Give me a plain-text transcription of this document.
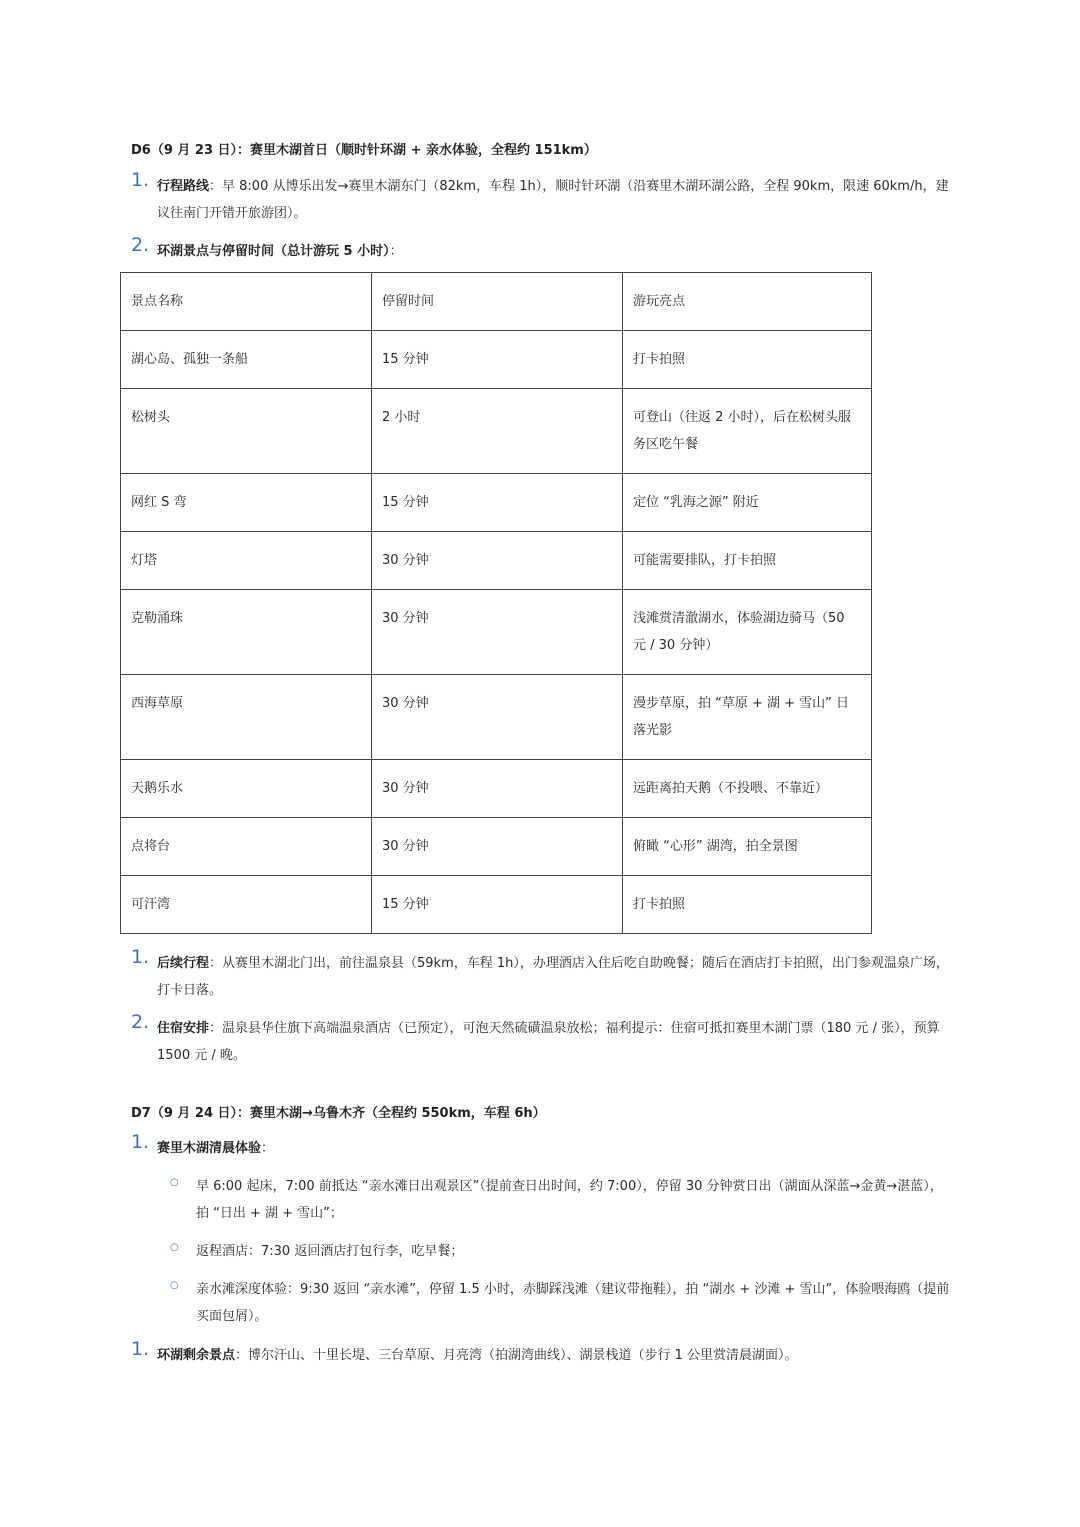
D6（9 月 23 日）：赛里木湖首日（顺时针环湖 + 亲水体验，全程约 151km）
1. 行程路线：早 8:00 从博乐出发→赛里木湖东门（82km，车程 1h），顺时针环湖（沿赛里木湖环湖公路，全程 90km，限速 60km/h，建议往南门开错开旅游团）。
2. 环湖景点与停留时间（总计游玩 5 小时）：
景点名称	停留时间	游玩亮点
湖心岛、孤独一条船	15 分钟	打卡拍照
松树头	2 小时	可登山（往返 2 小时），后在松树头服务区吃午餐
网红 S 弯	15 分钟	定位 “乳海之源” 附近
灯塔	30 分钟	可能需要排队，打卡拍照
克勒涌珠	30 分钟	浅滩赏清澈湖水，体验湖边骑马（50 元 / 30 分钟）
西海草原	30 分钟	漫步草原，拍 “草原 + 湖 + 雪山” 日落光影
天鹅乐水	30 分钟	远距离拍天鹅（不投喂、不靠近）
点将台	30 分钟	俯瞰 “心形” 湖湾，拍全景图
可汗湾	15 分钟	打卡拍照
1. 后续行程：从赛里木湖北门出，前往温泉县（59km，车程 1h），办理酒店入住后吃自助晚餐；随后在酒店打卡拍照，出门参观温泉广场，打卡日落。
2. 住宿安排：温泉县华住旗下高端温泉酒店（已预定），可泡天然硫磺温泉放松；福利提示：住宿可抵扣赛里木湖门票（180 元 / 张），预算 1500 元 / 晚。
D7（9 月 24 日）：赛里木湖→乌鲁木齐（全程约 550km，车程 6h）
1. 赛里木湖清晨体验：
○ 早 6:00 起床，7:00 前抵达 “亲水滩日出观景区”（提前查日出时间，约 7:00），停留 30 分钟赏日出（湖面从深蓝→金黄→湛蓝），拍 “日出 + 湖 + 雪山”；
○ 返程酒店：7:30 返回酒店打包行李，吃早餐；
○ 亲水滩深度体验：9:30 返回 “亲水滩”，停留 1.5 小时，赤脚踩浅滩（建议带拖鞋），拍 “湖水 + 沙滩 + 雪山”，体验喂海鸥（提前买面包屑）。
1. 环湖剩余景点：博尔汗山、十里长堤、三台草原、月亮湾（拍湖湾曲线）、湖景栈道（步行 1 公里赏清晨湖面）。
